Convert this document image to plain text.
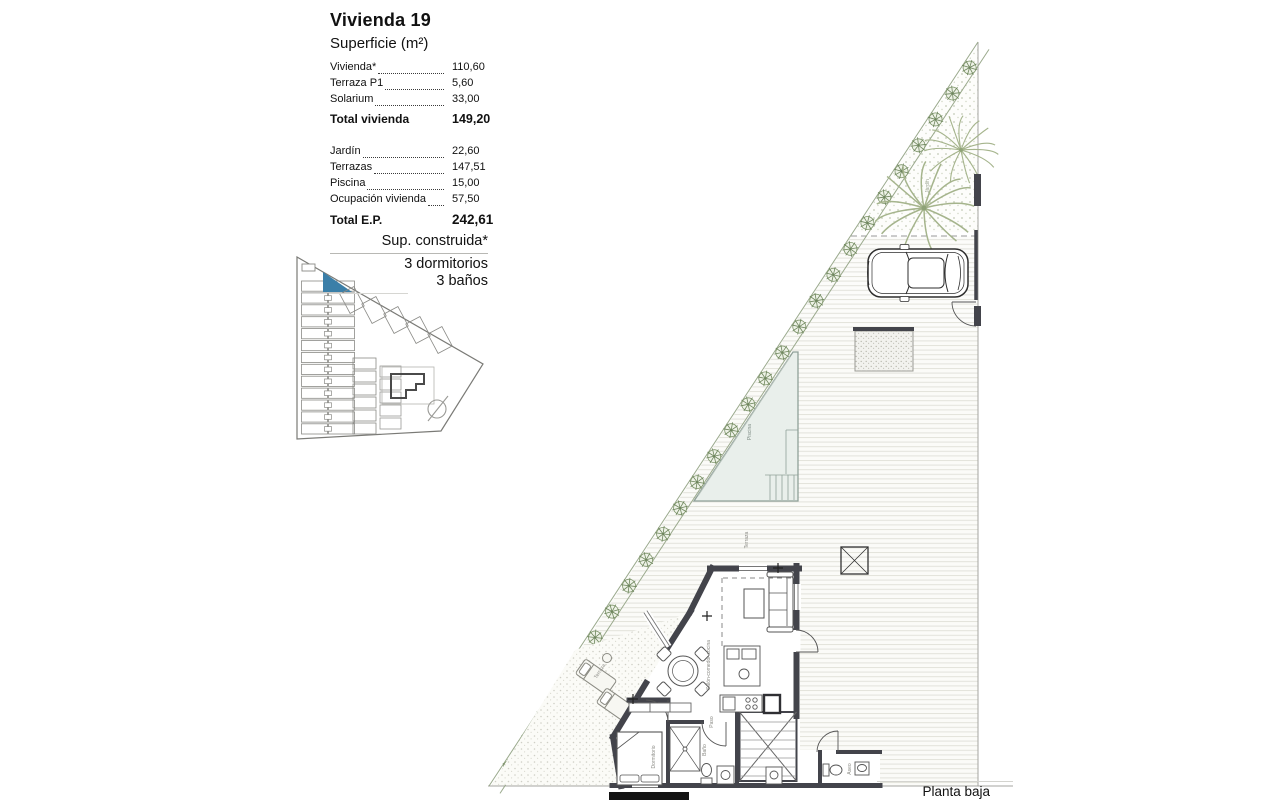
Salón-comedor-cocina
Paso
Dormitorio	Baño
Aseo
Terraza
Terraza
Piscina
Jardín
Vivienda 19
Superficie (m²)
Vivienda*	110,60
Terraza P1	5,60
Solarium	33,00
Total vivienda	149,20
Jardín	22,60
Terrazas	147,51
Piscina	15,00
Ocupación vivienda	57,50
Total E.P.	242,61
Sup. construida*
3 dormitorios
3 baños
Planta baja
